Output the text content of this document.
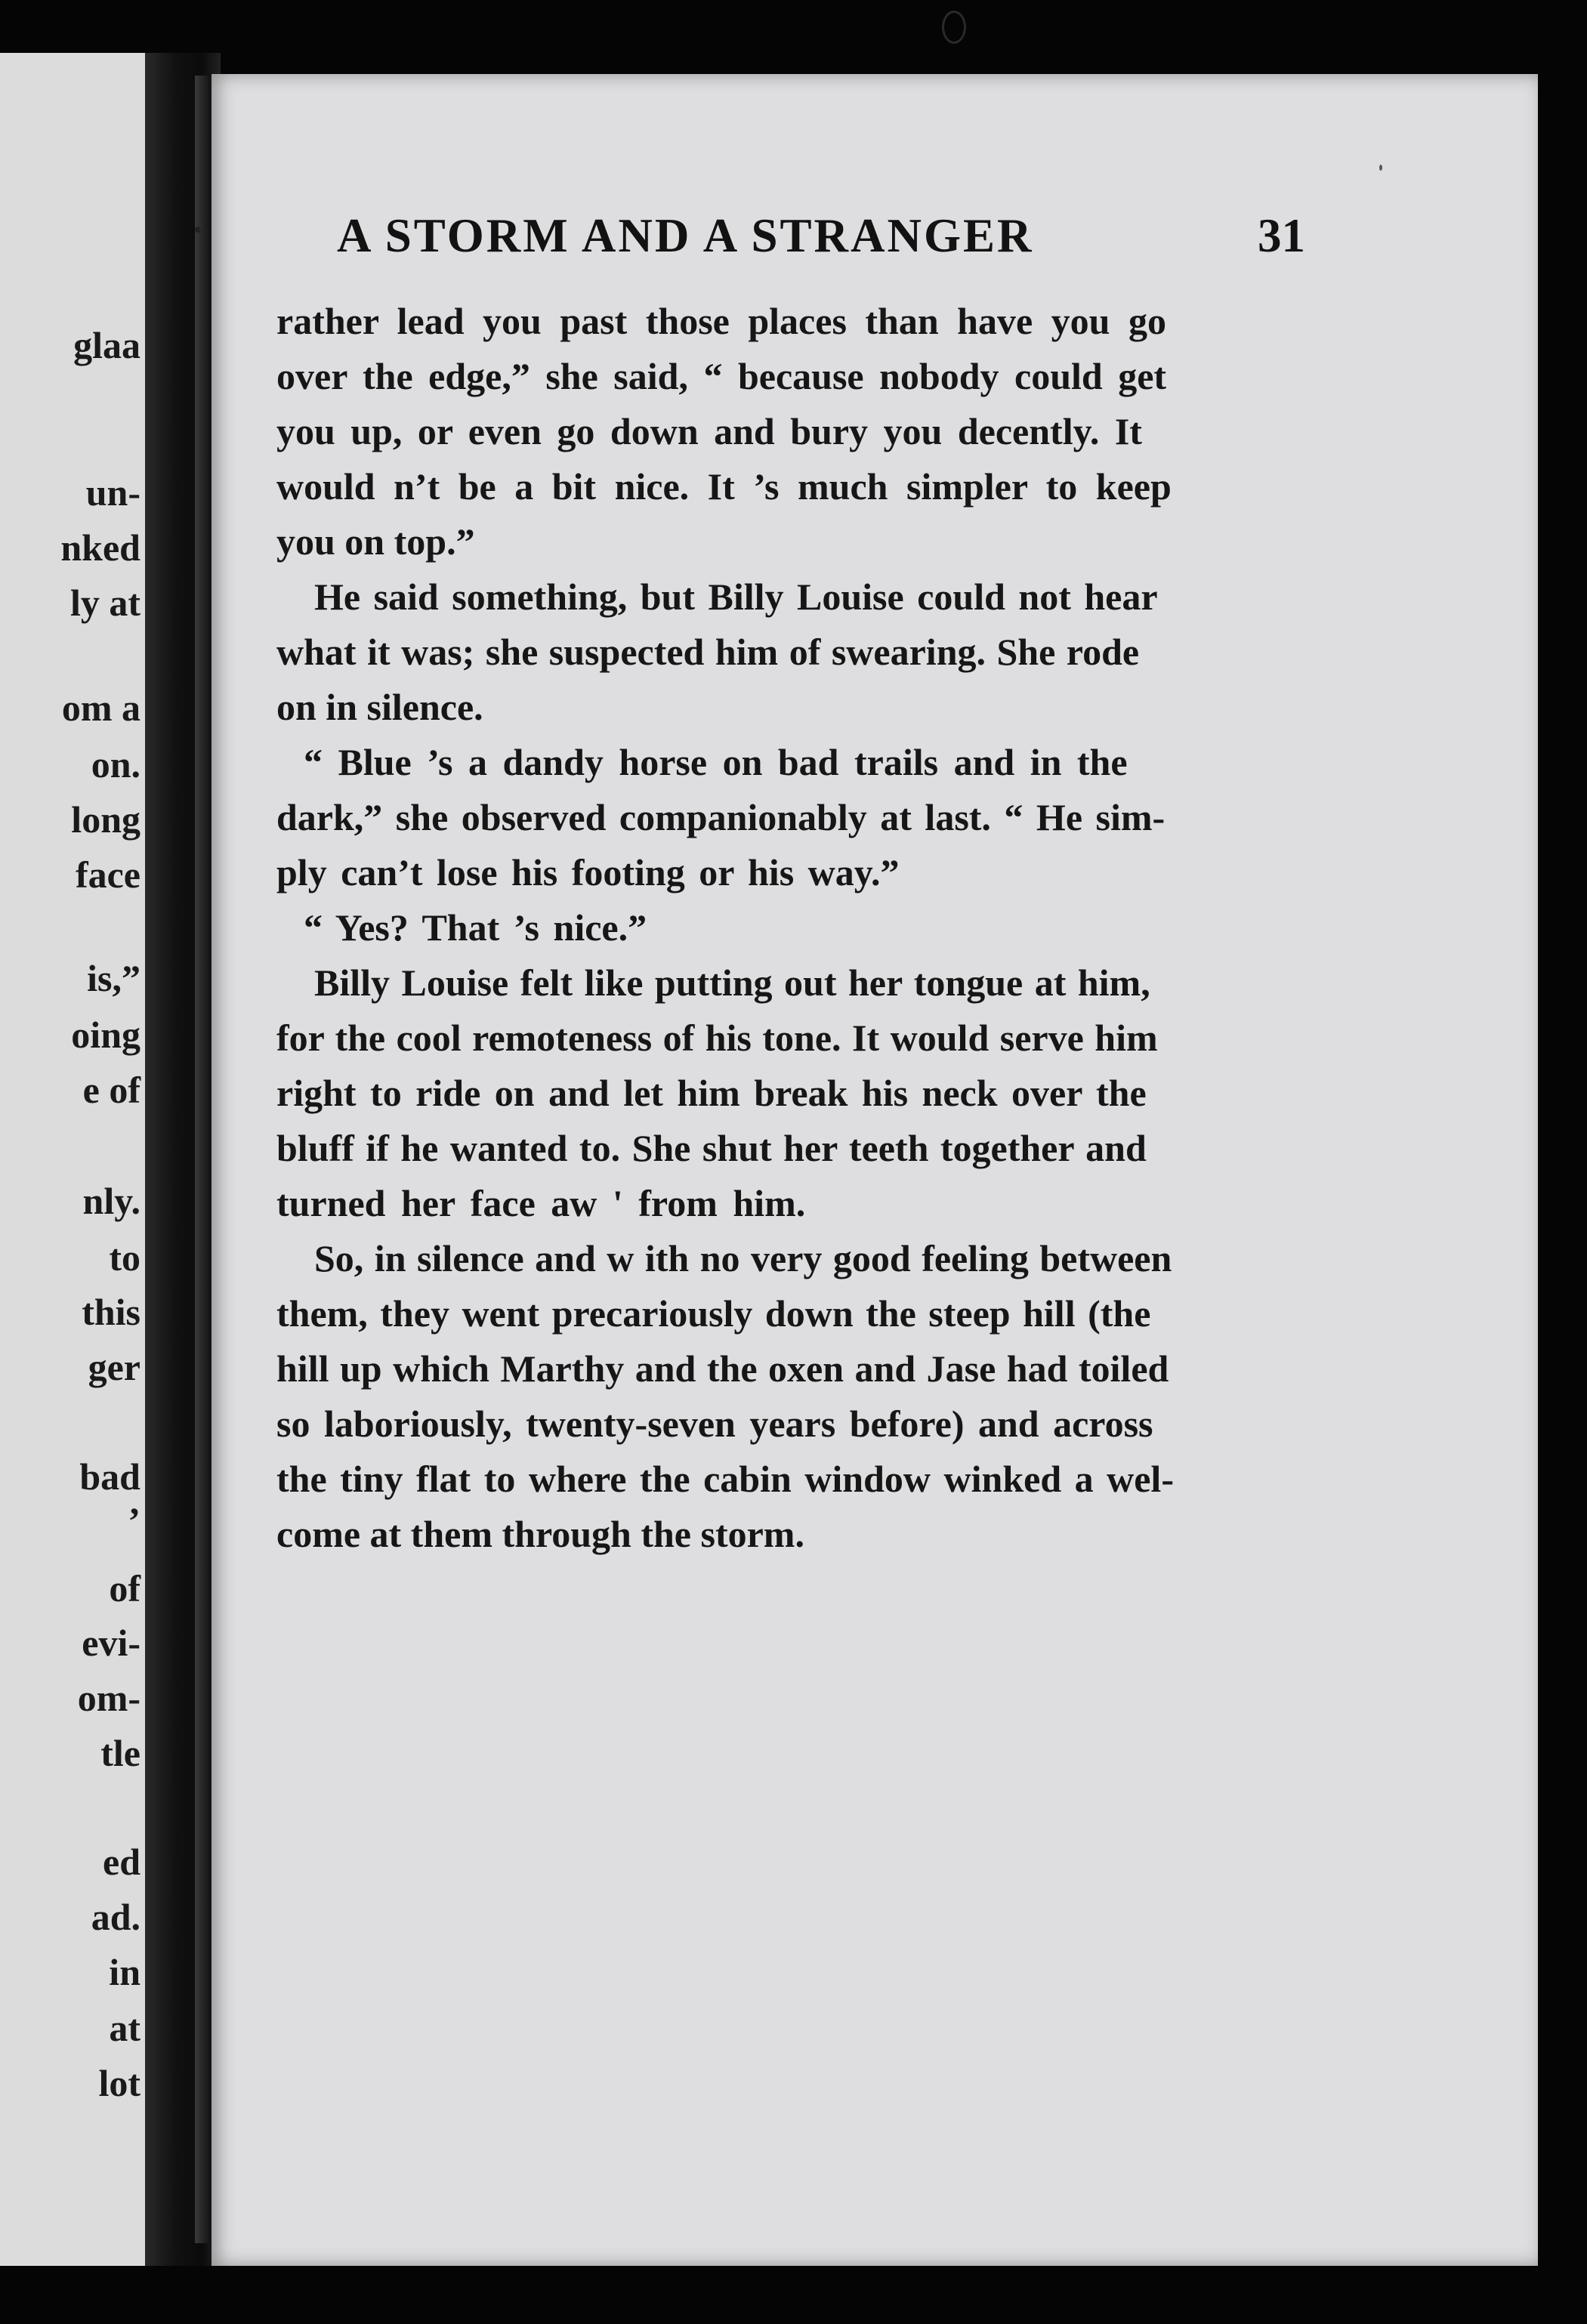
glaa
un-
nked
ly at
om a
on.
long
face
is,”
oing
e of
nly.
to
this
ger
bad
’
of
evi-
om-
tle
ed
ad.
in
at
lot
A STORM AND A STRANGER	31
rather lead you past those places than have you go
over the edge,” she said, “ because nobody could get
you up, or even go down and bury you decently. It
would n’t be a bit nice. It ’s much simpler to keep
you on top.”
He said something, but Billy Louise could not hear
what it was; she suspected him of swearing. She rode
on in silence.
“ Blue ’s a dandy horse on bad trails and in the
dark,” she observed companionably at last. “ He sim-
ply can’t lose his footing or his way.”
“ Yes? That ’s nice.”
Billy Louise felt like putting out her tongue at him,
for the cool remoteness of his tone. It would serve him
right to ride on and let him break his neck over the
bluff if he wanted to. She shut her teeth together and
turned her face aw ' from him.
So, in silence and w ith no very good feeling between
them, they went precariously down the steep hill (the
hill up which Marthy and the oxen and Jase had toiled
so laboriously, twenty-seven years before) and across
the tiny flat to where the cabin window winked a wel-
come at them through the storm.
